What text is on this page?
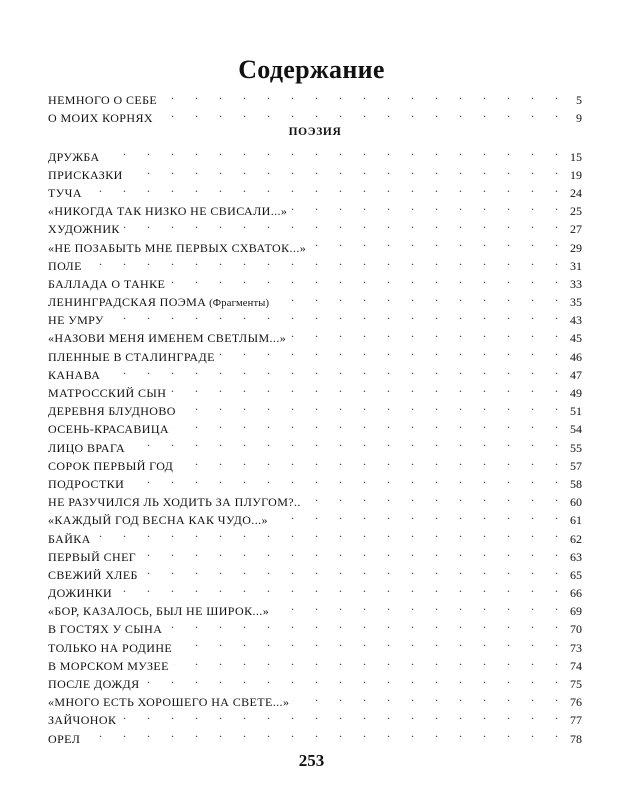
Содержание
НЕМНОГО О СЕБЕ .	5
О МОИХ КОРНЯХ .	9
ПОЭЗИЯ
ДРУЖБА .	15
ПРИСКАЗКИ .	19
ТУЧА .	24
«НИКОГДА ТАК НИЗКО НЕ СВИСАЛИ...» .	25
ХУДОЖНИК .	27
«НЕ ПОЗАБЫТЬ МНЕ ПЕРВЫХ СХВАТОК...» .	29
ПОЛЕ .	31
БАЛЛАДА О ТАНКЕ .	33
ЛЕНИНГРАДСКАЯ ПОЭМА
(Фрагменты) .	35
НЕ УМРУ .	43
«НАЗОВИ МЕНЯ ИМЕНЕМ СВЕТЛЫМ...» .	45
ПЛЕННЫЕ В СТАЛИНГРАДЕ .	46
КАНАВА .	47
МАТРОССКИЙ СЫН .	49
ДЕРЕВНЯ БЛУДНОВО .	51
ОСЕНЬ-КРАСАВИЦА .	54
ЛИЦО ВРАГА .	55
СОРОК ПЕРВЫЙ ГОД .	57
ПОДРОСТКИ .	58
НЕ РАЗУЧИЛСЯ ЛЬ ХОДИТЬ ЗА ПЛУГОМ?.. .	60
«КАЖДЫЙ ГОД ВЕСНА КАК ЧУДО...» .	61
БАЙКА .	62
ПЕРВЫЙ СНЕГ .	63
СВЕЖИЙ ХЛЕБ .	65
ДОЖИНКИ .	66
«БОР, КАЗАЛОСЬ, БЫЛ НЕ ШИРОК...» .	69
В ГОСТЯХ У СЫНА .	70
ТОЛЬКО НА РОДИНЕ .	73
В МОРСКОМ МУЗЕЕ .	74
ПОСЛЕ ДОЖДЯ .	75
«МНОГО ЕСТЬ ХОРОШЕГО НА СВЕТЕ...» .	76
ЗАЙЧОНОК .	77
ОРЕЛ .	78
253
